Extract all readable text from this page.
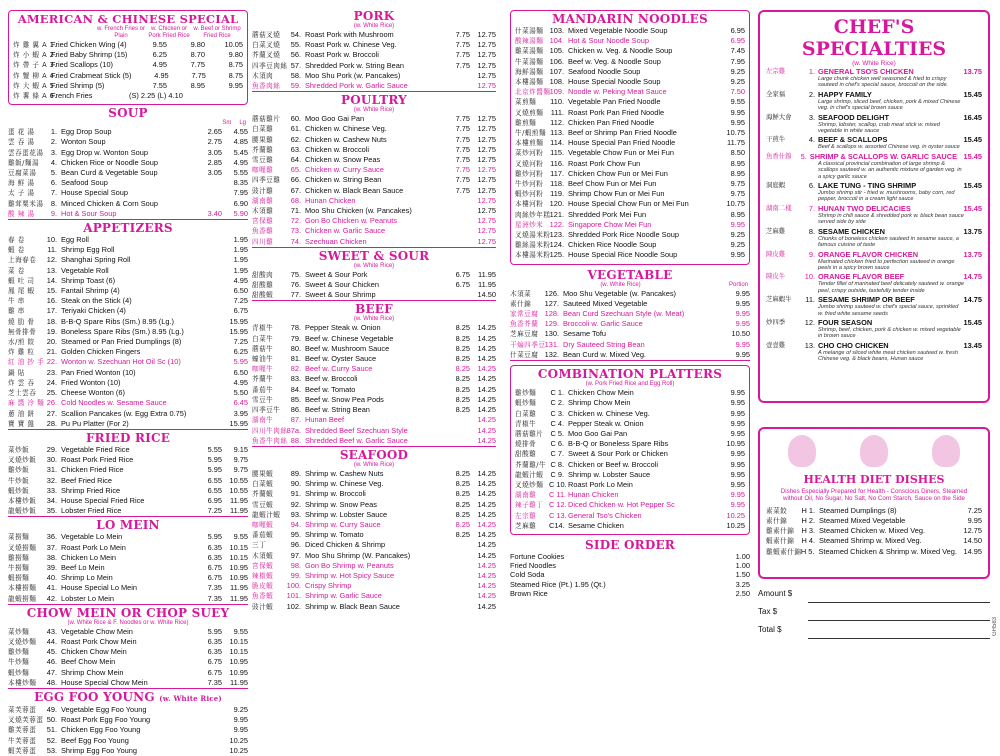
AMERICAN & CHINESE SPECIAL
w. French Fries or Plain
w. Chicken or Pork Fried Rice
w. Beef or Shrimp Fried Rice
炸 雞 翼 A 1.
Fried Chicken Wing (4)	9.55	9.80	10.05
炸 小 蝦 A 2.
Fried Baby Shrimp (15)	6.25	8.70	9.80
炸 帶 子 A 3.
Fried Scallops (10)	4.95	7.75	8.75
炸 蟹 柳 A 4.
Fried Crabmeat Stick (5)	4.95	7.75	8.75
炸 大 蝦 A 5.
Fried Shrimp (5)	7.55	8.95	9.95
炸 薯 條 A 6.
French Fries	(S) 2.25 (L) 4.10
SOUP
Sm Lg
蛋 花 湯	1. Egg Drop Soup	2.65	4.55
雲 吞 湯	2. Wonton Soup	2.75	4.85
雲吞蛋花湯 3. Egg Drop w. Wonton Soup	3.05	5.45
雞飯/麵湯	4. Chicken Rice or Noodle Soup	2.85	4.95
豆腐菜湯	5. Bean Curd & Vegetable Soup	3.05	5.55
海 鮮 湯	6. Seafood Soup	8.35
太 子 湯	7. House Special Soup	7.95
雞茸粟米湯 8. Minced Chicken & Corn Soup	6.90
酸 辣 湯	9. Hot & Sour Soup	3.40	5.90
APPETIZERS
春 卷	10. Egg Roll	1.95
蝦 卷	11. Shrimp Egg Roll	1.95
上海春卷	12. Shanghai Spring Roll	1.95
菜 卷	13. Vegetable Roll	1.95
蝦 吐 司	14. Shrimp Toast (6)	4.95
鳳 尾 蝦	15. Fantail Shrimp (4)	6.50
牛 串	16. Steak on the Stick (4)	7.25
雞 串	17. Teriyaki Chicken (4)	6.75
燒 肋 骨	18. B-B-Q Spare Ribs (Sm.) 8.95 (Lg.)	15.95
無骨排骨	19. Boneless Spare Ribs (Sm.) 8.95 (Lg.)	15.95
水/煎 餃	20. Steamed or Pan Fried Dumplings (8)	7.25
炸 雞 粒	21. Golden Chicken Fingers	6.25
紅 油 抄 手 22. Wonton w. Szechuan Hot Oil Sc (10)	5.95
鍋 貼	23. Pan Fried Wonton (10)	6.50
炸 雲 吞	24. Fried Wonton (10)	4.95
芝士雲吞	25. Cheese Wonton (6)	5.50
麻 醬 冷 麵 26. Cold Noodles w. Sesame Sauce	6.45
蔥 油 餅	27. Scallion Pancakes (w. Egg Extra 0.75)	3.95
寶 寶 盤	28. Pu Pu Platter (For 2)	15.95
FRIED RICE
菜炒飯	29. Vegetable Fried Rice	5.55	9.15
叉燒炒飯	30. Roast Pork Fried Rice	5.95	9.75
雞炒飯	31. Chicken Fried Rice	5.95	9.75
牛炒飯	32. Beef Fried Rice	6.55	10.55
蝦炒飯	33. Shrimp Fried Rice	6.55	10.55
本樓炒飯	34. House Special Fried Rice	6.95	11.95
龍蝦炒飯	35. Lobster Fried Rice	7.25	11.95
LO MEIN
菜撈麵	36. Vegetable Lo Mein	5.95	9.55
叉燒撈麵	37. Roast Pork Lo Mein	6.35	10.15
雞撈麵	38. Chicken Lo Mein	6.35	10.15
牛撈麵	39. Beef Lo Mein	6.75	10.95
蝦撈麵	40. Shrimp Lo Mein	6.75	10.95
本樓撈麵	41. House Special Lo Mein	7.35	11.95
龍蝦撈麵	42. Lobster Lo Mein	7.35	11.95
CHOW MEIN OR CHOP SUEY
(w. White Rice & F. Noodles or w. White Rice)
菜炒麵	43. Vegetable Chow Mein	5.95	9.55
叉燒炒麵	44. Roast Pork Chow Mein	6.35	10.15
雞炒麵	45. Chicken Chow Mein	6.35	10.15
牛炒麵	46. Beef Chow Mein	6.75	10.95
蝦炒麵	47. Shrimp Chow Mein	6.75	10.95
本樓炒麵	48. House Special Chow Mein	7.35	11.95
EGG FOO YOUNG (w. White Rice)
菜芙蓉蛋	49. Vegetable Egg Foo Young	9.25
叉燒芙蓉蛋 50. Roast Pork Egg Foo Young	9.95
雞芙蓉蛋	51. Chicken Egg Foo Young	9.95
牛芙蓉蛋	52. Beef Egg Foo Young	10.25
蝦芙蓉蛋	53. Shrimp Egg Foo Young	10.25
PORK
(w. White Rice)
蘑菇叉燒	54. Roast Pork with Mushroom	7.75	12.75
白菜叉燒	55. Roast Pork w. Chinese Veg.	7.75	12.75
芥蘭叉燒	56. Roast Pork w. Broccoli	7.75	12.75
四季豆肉絲 57. Shredded Pork w. String Bean	7.75	12.75
木須肉	58. Moo Shu Pork (w. Pancakes)	12.75
魚香肉絲	59. Shredded Pork w. Garlic Sauce	12.75
POULTRY
(w. White Rice)
蘑菇雞片	60. Moo Goo Gai Pan	7.75	12.75
白菜雞	61. Chicken w. Chinese Veg.	7.75	12.75
腰果雞	62. Chicken w. Cashew Nuts	7.75	12.75
芥蘭雞	63. Chicken w. Broccoli	7.75	12.75
雪豆雞	64. Chicken w. Snow Peas	7.75	12.75
咖喱雞	65. Chicken w. Curry Sauce	7.75	12.75
四季豆雞	66. Chicken w. String Bean	7.75	12.75
豉汁雞	67. Chicken w. Black Bean Sauce	7.75	12.75
湖南雞	68. Hunan Chicken	12.75
木須雞	71. Moo Shu Chicken (w. Pancakes)	12.75
宮保雞	72. Gon Bo Chicken w. Peanuts	12.75
魚香雞	73. Chicken w. Garlic Sauce	12.75
四川雞	74. Szechuan Chicken	12.75
SWEET & SOUR
(w. White Rice)
甜酸肉	75. Sweet & Sour Pork	6.75	11.95
甜酸雞	76. Sweet & Sour Chicken	6.75	11.95
甜酸蝦	77. Sweet & Sour Shrimp	14.50
BEEF
(w. White Rice)
青椒牛	78. Pepper Steak w. Onion	8.25	14.25
白菜牛	79. Beef w. Chinese Vegetable	8.25	14.25
蘑菇牛	80. Beef w. Mushroom Sauce	8.25	14.25
蠔油牛	81. Beef w. Oyster Sauce	8.25	14.25
咖喱牛	82. Beef w. Curry Sauce	8.25	14.25
芥蘭牛	83. Beef w. Broccoli	8.25	14.25
番茄牛	84. Beef w. Tomato	8.25	14.25
雪豆牛	85. Beef w. Snow Pea Pods	8.25	14.25
四季豆牛	86. Beef w. String Bean	8.25	14.25
湖南牛	87. Hunan Beef	14.25
四川牛肉絲 87a. Shredded Beef Szechuan Style	14.25
魚香牛肉絲 88. Shredded Beef w. Garlic Sauce	14.25
SEAFOOD
(w. White Rice)
腰果蝦	89. Shrimp w. Cashew Nuts	8.25	14.25
白菜蝦	90. Shrimp w. Chinese Veg.	8.25	14.25
芥蘭蝦	91. Shrimp w. Broccoli	8.25	14.25
雪豆蝦	92. Shrimp w. Snow Peas	8.25	14.25
龍蝦汁蝦	93. Shrimp w. Lobster Sauce	8.25	14.25
咖喱蝦	94. Shrimp w. Curry Sauce	8.25	14.25
番茄蝦	95. Shrimp w. Tomato	8.25	14.25
三丁	96. Diced Chicken & Shrimp	14.25
木須蝦	97. Moo Shu Shrimp (W. Pancakes)	14.25
宮保蝦	98. Gon Bo Shrimp w. Peanuts	14.25
辣椒蝦	99. Shrimp w. Hot Spicy Sauce	14.25
脆皮蝦	100. Crispy Shrimp	14.25
魚香蝦	101. Shrimp w. Garlic Sauce	14.25
豉汁蝦	102. Shrimp w. Black Bean Sauce	14.25
MANDARIN NOODLES
什菜湯麵 103. Mixed Vegetable Noodle Soup	6.95
酸辣湯麵 104. Hot & Sour Noodle Soup	6.95
雞菜湯麵 105. Chicken w. Veg. & Noodle Soup	7.45
牛菜湯麵 106. Beef w. Veg. & Noodle Soup	7.95
海鮮湯麵 107. Seafood Noodle Soup	9.25
本樓湯麵 108. House Special Noodle Soup	9.25
北京炸醬麵 109. Noodle w. Peking Meat Sauce	7.50
菜煎麵	110. Vegetable Pan Fried Noodle	9.55
叉燒煎麵 111. Roast Pork Pan Fried Noodle	9.95
雞煎麵	112. Chicken Pan Fried Noodle	9.95
牛/蝦煎麵 113. Beef or Shrimp Pan Fried Noodle	10.75
本樓煎麵 114. House Special Pan Fried Noodle	11.75
菜炒河粉 115. Vegetable Chow Fun or Mei Fun	8.50
叉燒河粉 116. Roast Pork Chow Fun	8.95
雞炒河粉 117. Chicken Chow Fun or Mei Fun	8.95
牛炒河粉 118. Beef Chow Fun or Mei Fun	9.75
蝦炒河粉 119. Shrimp Chow Fun or Mei Fun	9.75
本樓河粉 120. House Special Chow Fun or Mei Fun	10.75
肉絲炒年糕 121. Shredded Pork Mei Fun	8.95
星洲炒米 122. Singapore Chow Mei Fun	9.95
叉燒湯米粉 123. Shredded Pork Rice Noodle Soup	9.25
雞絲湯米粉 124. Chicken Rice Noodle Soup	9.25
本樓湯米粉 125. House Special Rice Noodle Soup	9.95
VEGETABLE
(w. White Rice)	Portion
木須菜	126. Moo Shu Vegetable (w. Pancakes)	9.95
素什錦	127. Sauteed Mixed Vegetable	9.95
家常豆腐 128. Bean Curd Szechuan Style (w. Meat)	9.95
魚香芥蘭 129. Broccoli w. Garlic Sauce	9.95
芝麻豆腐 130. Sesame Tofu	10.50
干煸四季豆 131. Dry Sauteed String Bean	9.95
什菜豆腐 132. Bean Curd w. Mixed Veg.	9.95
COMBINATION PLATTERS
(w. Pork Fried Rice and Egg Roll)
雞炒麵	C 1. Chicken Chow Mein	9.95
蝦炒麵	C 2. Shrimp Chow Mein	9.95
白菜雞	C 3. Chicken w. Chinese Veg.	9.95
青椒牛	C 4. Pepper Steak w. Onion	9.95
蘑菇雞片 C 5. Moo Goo Gai Pan	9.95
燒排骨	C 6. B-B-Q or Boneless Spare Ribs	10.95
甜酸雞	C 7. Sweet & Sour Pork or Chicken	9.95
芥蘭雞/牛 C 8. Chicken or Beef w. Broccoli	9.95
龍蝦汁蝦 C 9. Shrimp w. Lobster Sauce	9.95
叉燒炒麵 C 10. Roast Pork Lo Mein	9.95
湖南雞	C 11. Hunan Chicken	9.95
辣子雞丁 C 12. Diced Chicken w. Hot Pepper Sc	9.95
左宗雞	C 13. General Tso's Chicken	10.25
芝麻雞	C14. Sesame Chicken	10.25
SIDE ORDER
Fortune Cookies	1.00
Fried Noodles	1.00
Cold Soda	1.50
Steamed Rice (Pt.) 1.95 (Qt.)	3.25
Brown Rice	2.50
CHEF'S SPECIALTIES
(w. White Rice)
左宗雞	1. GENERAL TSO'S CHICKEN	13.75
Large chunk chicken well seasoned & fried to crispy sauteed in chef's special sauce, broccoli on the side.
全家福	2. HAPPY FAMILY	15.45
Large shrimp, sliced beef, chicken, pork & mixed Chinese veg. in chef's special brown sauce
海鮮大會	3. SEAFOOD DELIGHT	16.45
Shrimp, lobster, scallop, crab meat stick w. mixed vegetable in white sauce
干煎牛	4. BEEF & SCALLOPS	15.45
Beef & scallops w. assorted Chinese veg. in oyster sauce
魚香什錦	5. SHRIMP & SCALLOPS W. GARLIC SAUCE 15.45
A classical provincial combination of large shrimp & scallops sauteed w. an authentic mixture of garden veg. in a spicy garlic sauce
洞庭蝦	6. LAKE TUNG - TING SHRIMP	15.45
Jumbo shrimp stir - fried w. mushrooms, baby corn, red pepper, broccoli in a cream light sauce
湖南二樣	7. HUNAN TWO DELICACIES	15.45
Shrimp in chili sauce & shredded pork w. black bean sauce served side by side
芝麻雞	8. SESAME CHICKEN	13.75
Chunks of boneless chicken sauteed in sesame sauce, a famous cuisine of taste
陳皮雞	9. ORANGE FLAVOR CHICKEN	13.75
Marinated chicken fried to perfection sauteed in orange peels in a spicy brown sauce
陳皮牛	10. ORANGE FLAVOR BEEF	14.75
Tender fillet of marinated beef delicately sauteed w. orange peel, crispy outside, tastefully tender inside
芝麻蝦牛	11. SESAME SHRIMP OR BEEF	14.75
Jumbo shrimp sauteed w. chef's special sauce, sprinkled w. fried white sesame seeds
炒四季	12. FOUR SEASON	15.45
Shrimp, beef, chicken, pork & chicken w. mixed vegetable in brown sauce
壹壹雞	13. CHO CHO CHICKEN	13.45
A melange of sliced white meat chicken sauteed w. fresh Chinese veg. & black beans, Hunan sauce
HEALTH DIET DISHES
Dishes Especially Prepared for Health - Conscious Diners, Steamed without Oil, No Sugar, No Salt, No Corn Starch, Sauce on the Side
素菜餃	H 1. Steamed Dumplings (8)	7.25
素什錦	H 2. Steamed Mixed Vegetable	9.95
雞素什錦 H 3. Steamed Chicken w. Mixed Veg.	12.75
蝦素什錦 H 4. Steamed Shrimp w. Mixed Veg.	14.50
雞蝦素什錦 H 5. Steamed Chicken & Shrimp w. Mixed Veg. 14.95
Amount $
Tax $
Total $	GH583
